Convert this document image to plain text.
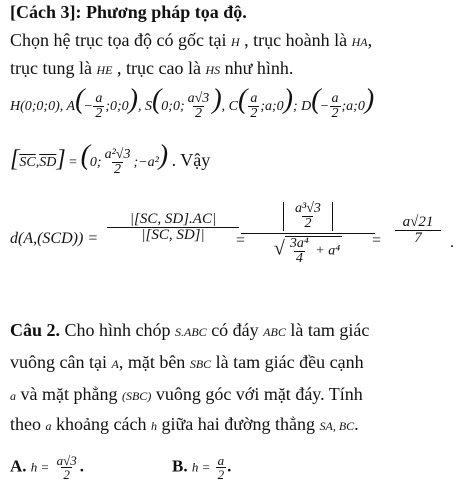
[Cách 3]: Phương pháp tọa độ.
Chọn hệ trục tọa độ có gốc tại H , trục hoành là HA,
trục tung là HE , trục cao là HS như hình.
H(0;0;0), $A(- \frac{a}{2}$ ;0;0), S(0;0; $\frac{a√3}{2}$ ), $C( \frac{a}{2}$ ;a;0); $D(- \frac{a}{2}$ ;a;0)
$[\overline{SC},\overline{SD}] = (0$; $\frac{\text{a²√3}}{2}$ ;−a²) . Vậy
$d(A,(SCD)) = \frac{|[SC, SD].AC|}{|[SC, SD]|}$ =
$\frac{\frac{\text{a³√3}}{2}}{√ \frac{\text{3a⁴}}{4} + a^4} = \frac{a√21}{7}$
.
Câu 2. Cho hình chóp S.ABC có đáy ABC là tam giác
vuông cân tại A, mặt bên SBC là tam giác đều cạnh
a và mặt phẳng (SBC) vuông góc với mặt đáy. Tính
theo a khoảng cách h giữa hai đường thẳng SA, BC.
A. $h = \frac{a√3}{2}$ .	B. $h = \frac{a}{2}$ .
